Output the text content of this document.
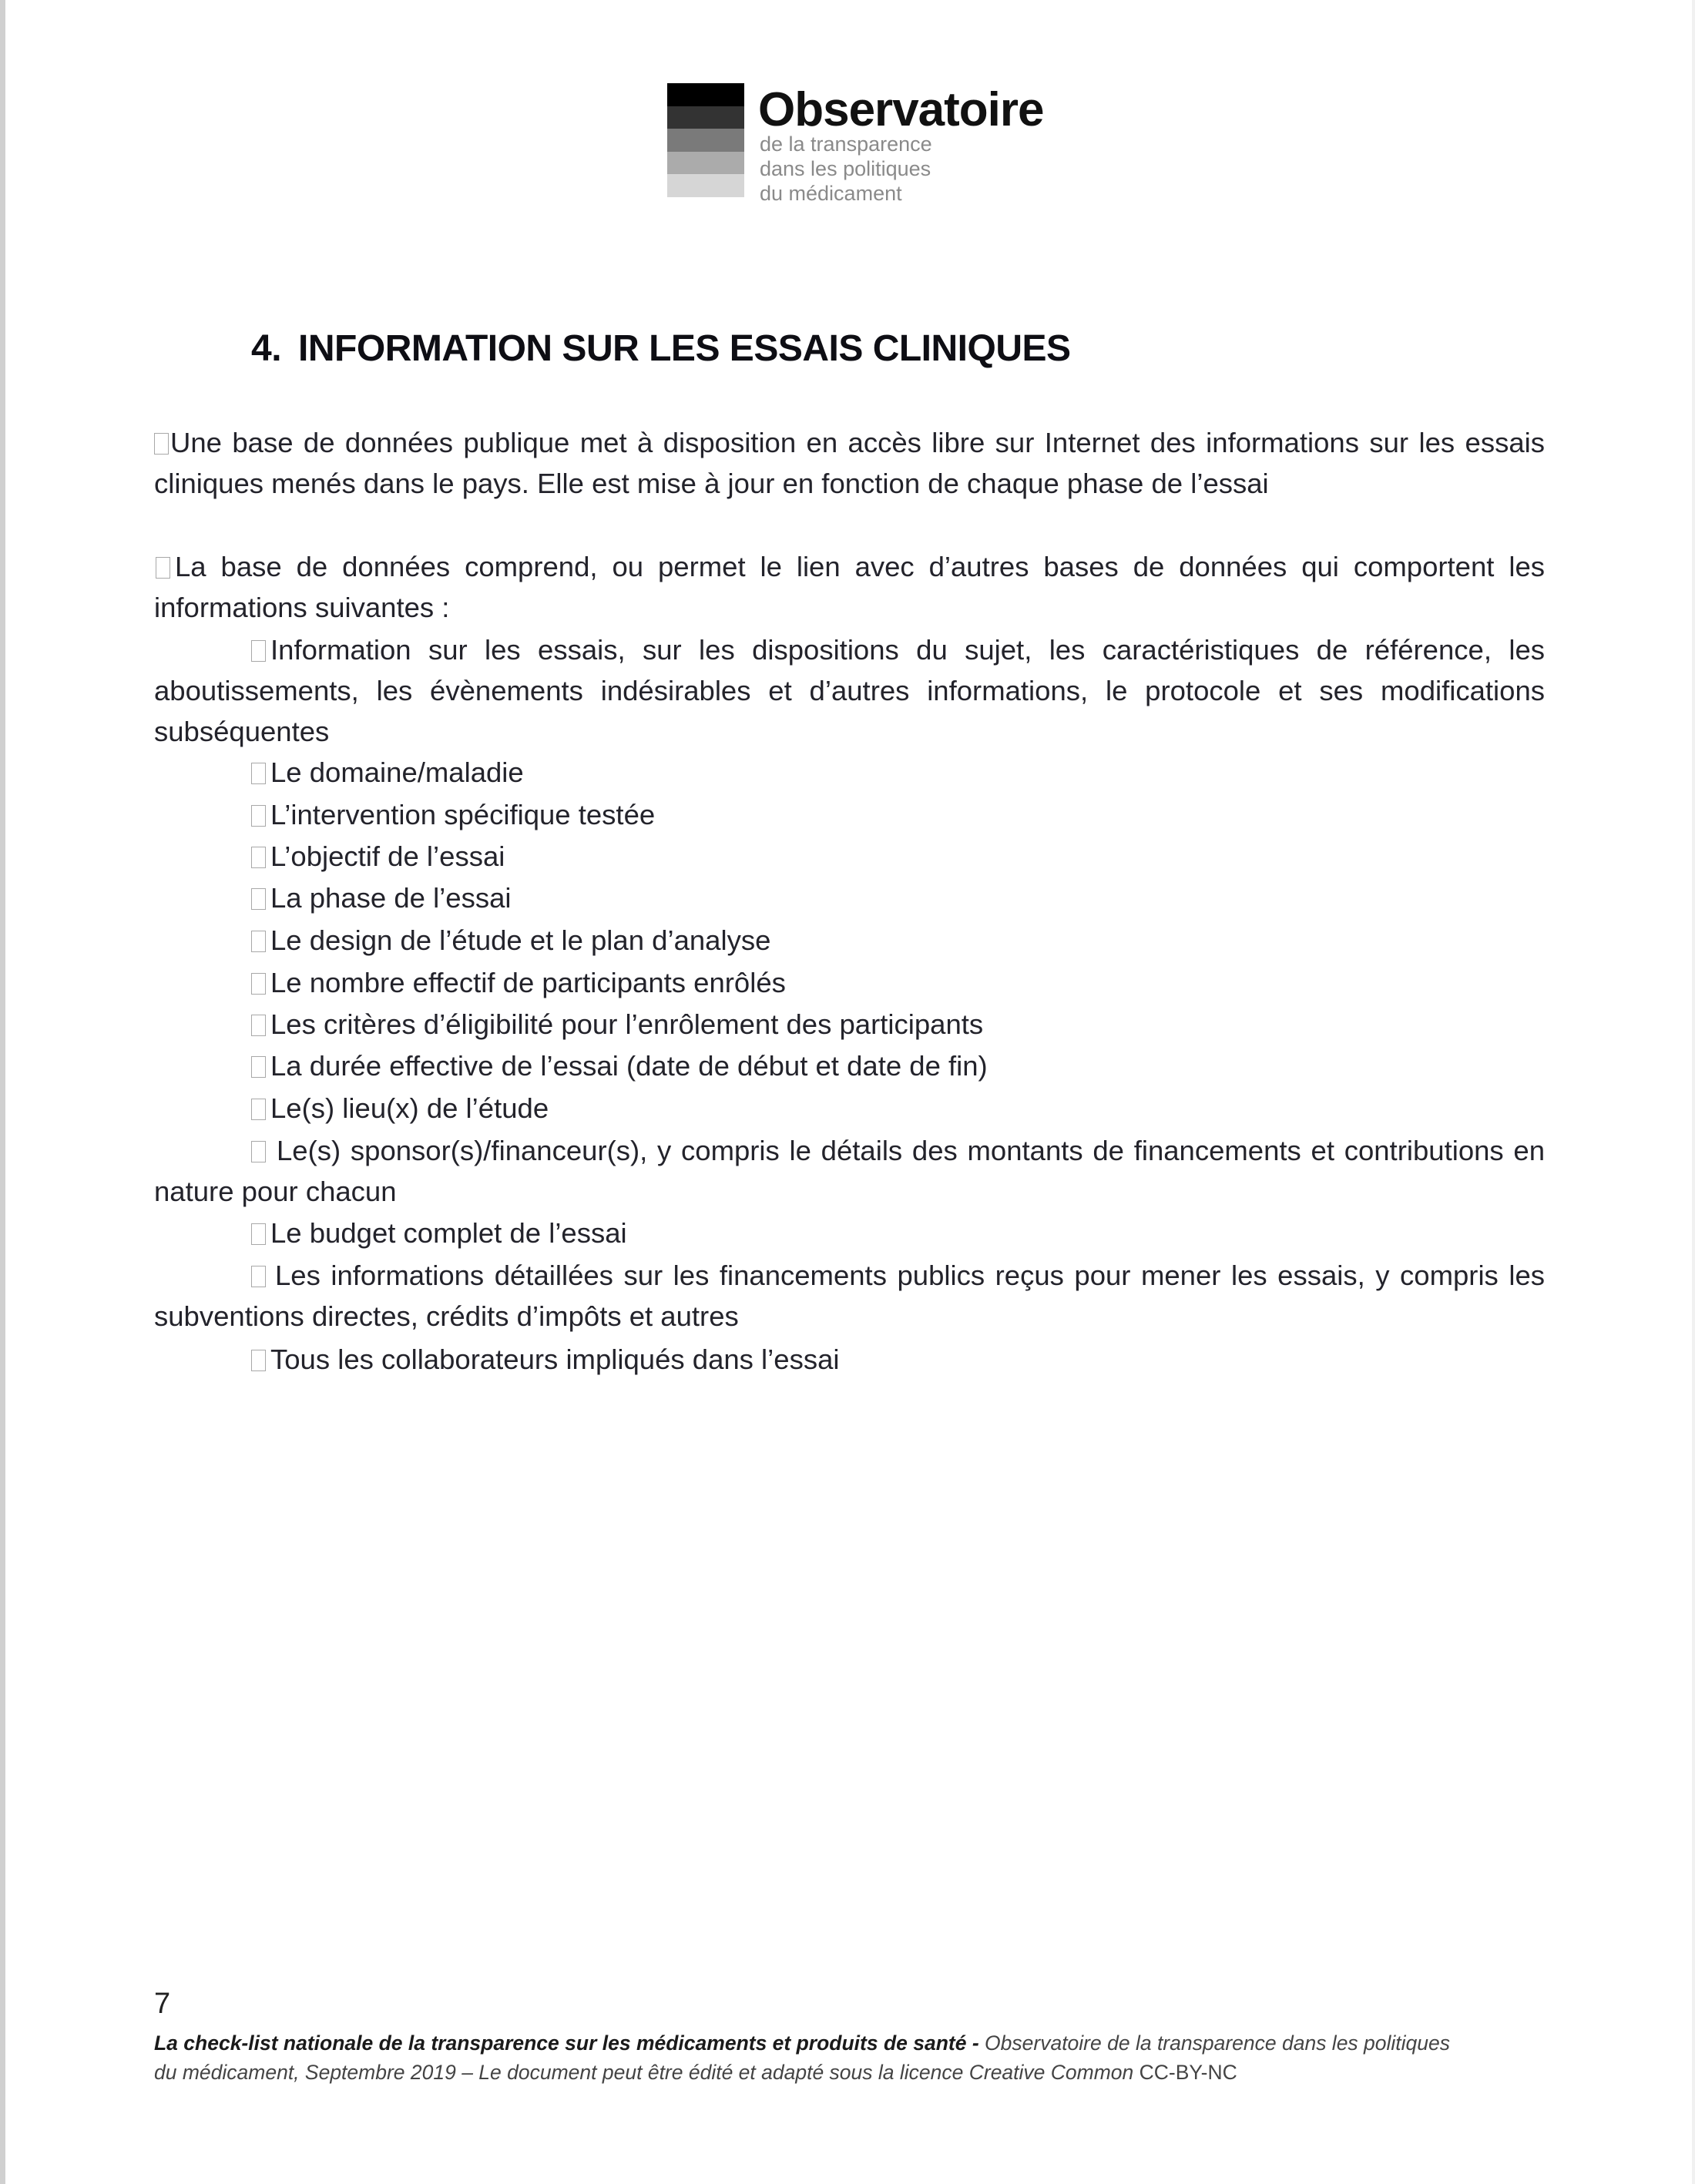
Observatoire
de la transparence
dans les politiques
du médicament
4. INFORMATION SUR LES ESSAIS CLINIQUES
Une base de données publique met à disposition en accès libre sur Internet des informations sur les essais cliniques menés dans le pays. Elle est mise à jour en fonction de chaque phase de l’essai
La base de données comprend, ou permet le lien avec d’autres bases de données qui comportent les informations suivantes :
Information sur les essais, sur les dispositions du sujet, les caractéristiques de référence, les aboutissements, les évènements indésirables et d’autres informations, le protocole et ses modifications subséquentes
Le domaine/maladie
L’intervention spécifique testée
L’objectif de l’essai
La phase de l’essai
Le design de l’étude et le plan d’analyse
Le nombre effectif de participants enrôlés
Les critères d’éligibilité pour l’enrôlement des participants
La durée effective de l’essai (date de début et date de fin)
Le(s) lieu(x) de l’étude
Le(s) sponsor(s)/financeur(s), y compris le détails des montants de financements et contributions en nature pour chacun
Le budget complet de l’essai
Les informations détaillées sur les financements publics reçus pour mener les essais, y compris les subventions directes, crédits d’impôts et autres
Tous les collaborateurs impliqués dans l’essai
7
La check-list nationale de la transparence sur les médicaments et produits de santé - Observatoire de la transparence dans les politiques du médicament, Septembre 2019 – Le document peut être édité et adapté sous la licence Creative Common CC-BY-NC
